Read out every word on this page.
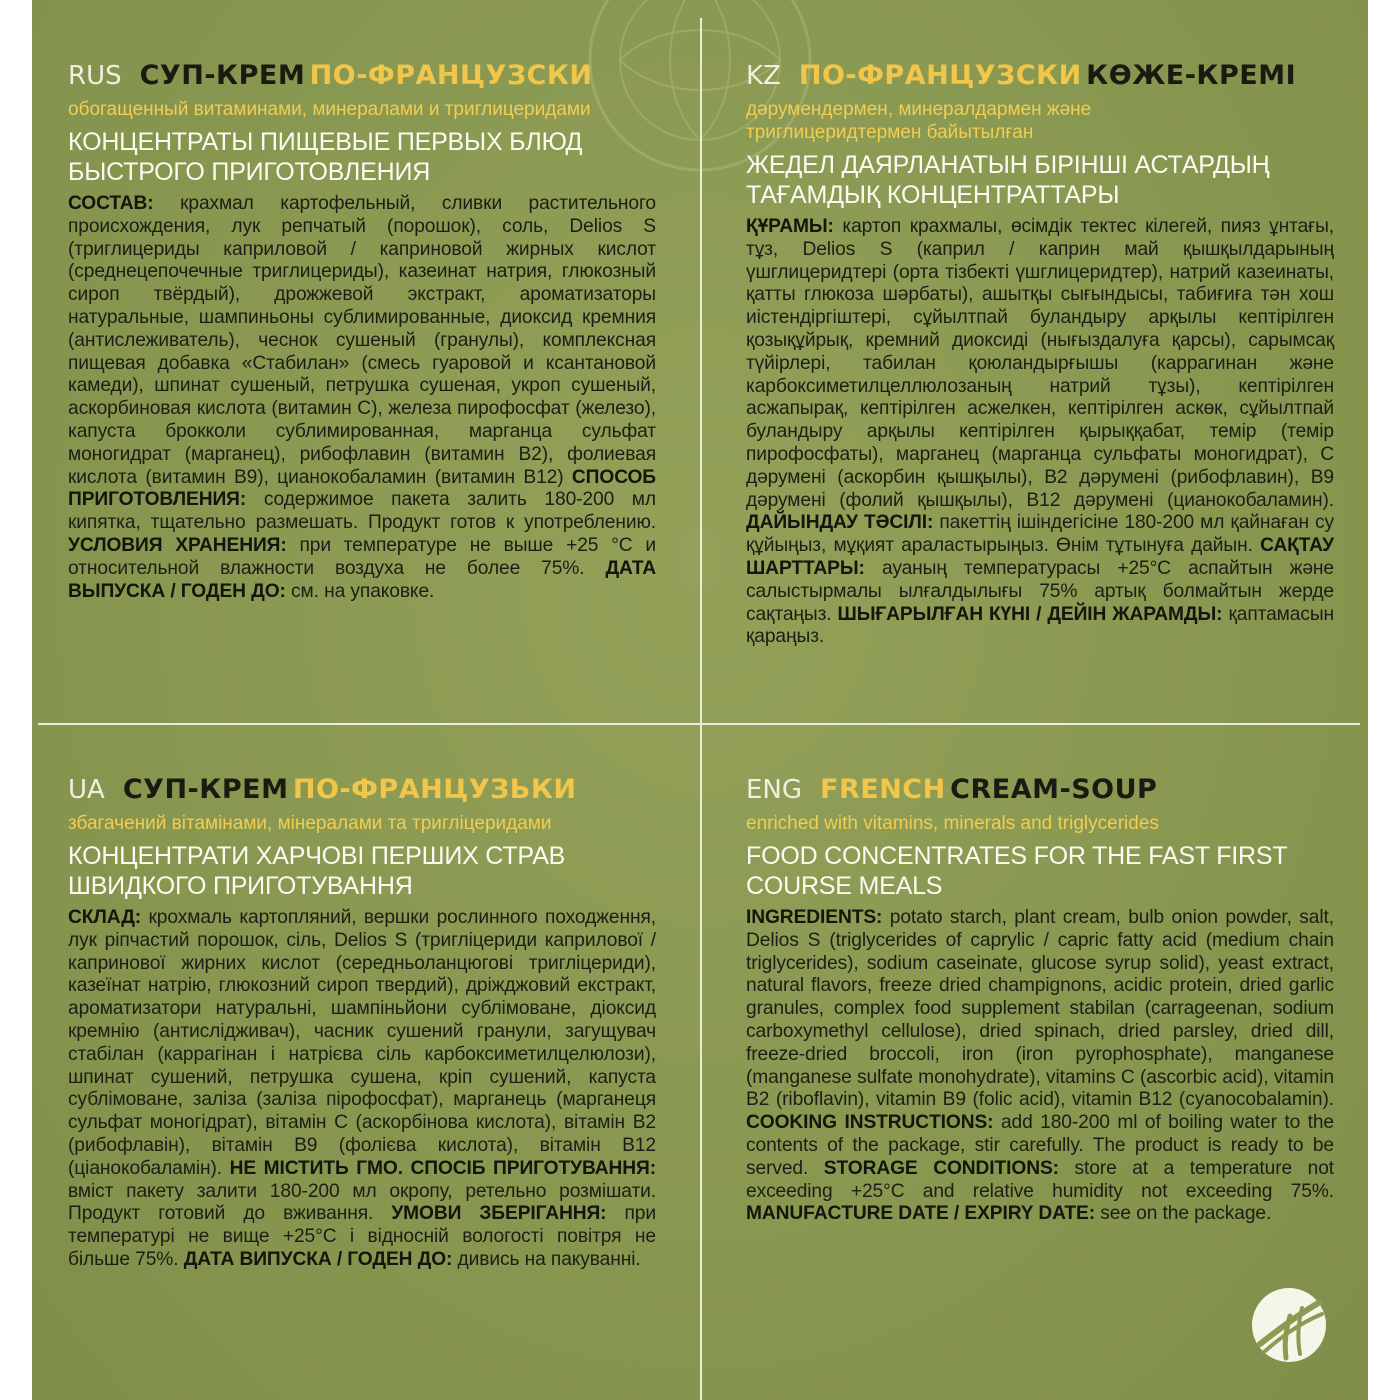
RUS СУП-КРЕМ ПО-ФРАНЦУЗСКИ
обогащенный витаминами, минералами и триглицеридами
КОНЦЕНТРАТЫ ПИЩЕВЫЕ ПЕРВЫХ БЛЮД
БЫСТРОГО ПРИГОТОВЛЕНИЯ
СОСТАВ: крахмал картофельный, сливки растительного происхождения, лук репчатый (порошок), соль, Delios S (триглицериды каприловой / каприновой жирных кислот (среднецепочечные триглицериды), казеинат натрия, глюкозный сироп твёрдый), дрожжевой экстракт, ароматизаторы натуральные, шампиньоны сублимированные, диоксид кремния (антислеживатель), чеснок сушеный (гранулы), комплексная пищевая добавка «Стабилан» (смесь гуаровой и ксантановой камеди), шпинат сушеный, петрушка сушеная, укроп сушеный, аскорбиновая кислота (витамин С), железа пирофосфат (железо), капуста брокколи сублимированная, марганца сульфат моногидрат (марганец), рибофлавин (витамин В2), фолиевая кислота (витамин В9), цианокобаламин (витамин В12) СПОСОБ ПРИГОТОВЛЕНИЯ: содержимое пакета залить 180-200 мл кипятка, тщательно размешать. Продукт готов к употреблению. УСЛОВИЯ ХРАНЕНИЯ: при температуре не выше +25 °С и относительной влажности воздуха не более 75%. ДАТА ВЫПУСКА / ГОДЕН ДО: см. на упаковке.
KZ ПО-ФРАНЦУЗСКИ КӨЖЕ-КРЕМІ
дәрумендермен, минералдармен және
триглицеридтермен байытылған
ЖЕДЕЛ ДАЯРЛАНАТЫН БІРІНШІ АСТАРДЫҢ
ТАҒАМДЫҚ КОНЦЕНТРАТТАРЫ
ҚҰРАМЫ: картоп крахмалы, өсімдік тектес кілегей, пияз ұнтағы, тұз, Delios S (каприл / каприн май қышқылдарының үшглицеридтері (орта тізбекті үшглицеридтер), натрий казеинаты, қатты глюкоза шәрбаты), ашытқы сығындысы, табиғиға тән хош иістендіргіштері, сұйылтпай буландыру арқылы кептірілген қозықұйрық, кремний диоксиді (нығыздалуға қарсы), сарымсақ түйірлері, табилан қоюландырғышы (каррагинан және карбоксиметилцеллюлозаның натрий тұзы), кептірілген асжапырақ, кептірілген асжелкен, кептірілген аскөк, сұйылтпай буландыру арқылы кептірілген қырыққабат, темір (темір пирофосфаты), марганец (марганца сульфаты моногидрат), С дәрумені (аскорбин қышқылы), В2 дәрумені (рибофлавин), В9 дәрумені (фолий қышқылы), В12 дәрумені (цианокобаламин). ДАЙЫНДАУ ТӘСІЛІ: пакеттің ішіндегісіне 180-200 мл қайнаған су құйыңыз, мұқият араластырыңыз. Өнім тұтынуға дайын. САҚТАУ ШАРТТАРЫ: ауаның температурасы +25°С аспайтын және салыстырмалы ылғалдылығы 75% артық болмайтын жерде сақтаңыз. ШЫҒАРЫЛҒАН КҮНІ / ДЕЙІН ЖАРАМДЫ: қаптамасын қараңыз.
UA СУП-КРЕМ ПО-ФРАНЦУЗЬКИ
збагачений вітамінами, мінералами та тригліцеридами
КОНЦЕНТРАТИ ХАРЧОВІ ПЕРШИХ СТРАВ
ШВИДКОГО ПРИГОТУВАННЯ
СКЛАД: крохмаль картопляний, вершки рослинного походження, лук ріпчастий порошок, сіль, Delios S (тригліцериди каприлової / капринової жирних кислот (середньоланцюгові тригліцериди), казеїнат натрію, глюкозний сироп твердий), дріжджовий екстракт, ароматизатори натуральні, шампіньйони сублімоване, діоксид кремнію (антислідживач), часник сушений гранули, загущувач стабілан (каррагінан і натрієва сіль карбоксиметилцелюлози), шпинат сушений, петрушка сушена, кріп сушений, капуста сублімоване, заліза (заліза пірофосфат), марганець (марганеця сульфат моногідрат), вітамін С (аскорбінова кислота), вітамін В2 (рибофлавін), вітамін В9 (фолієва кислота), вітамін В12 (ціанокобаламін). НЕ МІСТИТЬ ГМО. СПОСІБ ПРИГОТУВАННЯ: вміст пакету залити 180-200 мл окропу, ретельно розмішати. Продукт готовий до вживання. УМОВИ ЗБЕРІГАННЯ: при температурі не вище +25°С і відносній вологості повітря не більше 75%. ДАТА ВИПУСКА / ГОДЕН ДО: дивись на пакуванні.
ENG FRENCH CREAM-SOUP
enriched with vitamins, minerals and triglycerides
FOOD CONCENTRATES FOR THE FAST FIRST
COURSE MEALS
INGREDIENTS: potato starch, plant cream, bulb onion powder, salt, Delios S (triglycerides of caprylic / capric fatty acid (medium chain triglycerides), sodium caseinate, glucose syrup solid), yeast extract, natural flavors, freeze dried champignons, acidic protein, dried garlic granules, complex food supplement stabilan (carrageenan, sodium carboxymethyl cellulose), dried spinach, dried parsley, dried dill, freeze-dried broccoli, iron (iron pyrophosphate), manganese (manganese sulfate monohydrate), vitamins C (ascorbic acid), vitamin B2 (riboflavin), vitamin B9 (folic acid), vitamin B12 (cyanocobalamin). COOKING INSTRUCTIONS: add 180-200 ml of boiling water to the contents of the package, stir carefully. The product is ready to be served. STORAGE CONDITIONS: store at a temperature not exceeding +25°C and relative humidity not exceeding 75%. MANUFACTURE DATE / EXPIRY DATE: see on the package.
